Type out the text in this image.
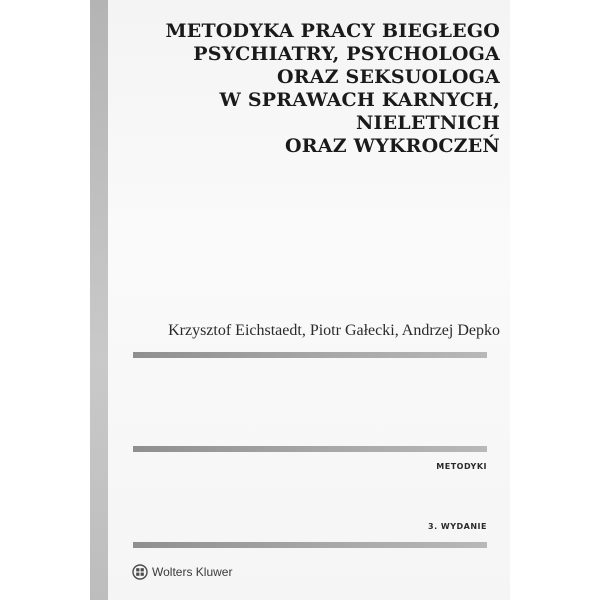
METODYKA PRACY BIEGŁEGO
PSYCHIATRY, PSYCHOLOGA
ORAZ SEKSUOLOGA
W SPRAWACH KARNYCH,
NIELETNICH
ORAZ WYKROCZEŃ
Krzysztof Eichstaedt, Piotr Gałecki, Andrzej Depko
METODYKI
3. WYDANIE
Wolters Kluwer
